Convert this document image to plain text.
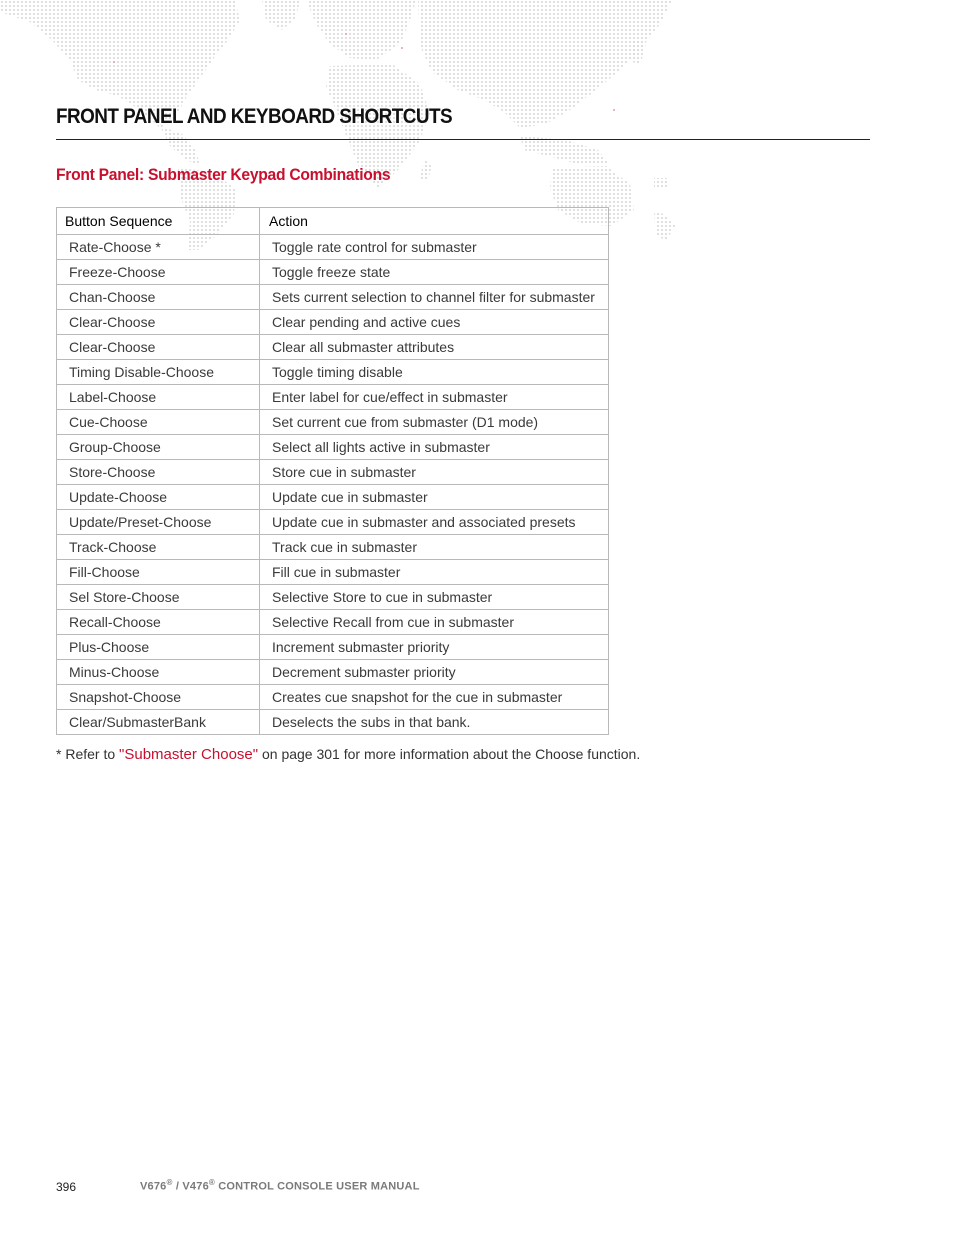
FRONT PANEL AND KEYBOARD SHORTCUTS
Front Panel: Submaster Keypad Combinations
Button Sequence	Action
Rate-Choose *	Toggle rate control for submaster
Freeze-Choose	Toggle freeze state
Chan-Choose	Sets current selection to channel filter for submaster
Clear-Choose	Clear pending and active cues
Clear-Choose	Clear all submaster attributes
Timing Disable-Choose	Toggle timing disable
Label-Choose	Enter label for cue/effect in submaster
Cue-Choose	Set current cue from submaster (D1 mode)
Group-Choose	Select all lights active in submaster
Store-Choose	Store cue in submaster
Update-Choose	Update cue in submaster
Update/Preset-Choose	Update cue in submaster and associated presets
Track-Choose	Track cue in submaster
Fill-Choose	Fill cue in submaster
Sel Store-Choose	Selective Store to cue in submaster
Recall-Choose	Selective Recall from cue in submaster
Plus-Choose	Increment submaster priority
Minus-Choose	Decrement submaster priority
Snapshot-Choose	Creates cue snapshot for the cue in submaster
Clear/SubmasterBank	Deselects the subs in that bank.
* Refer to "Submaster Choose" on page 301 for more information about the Choose function.
396	V676® / V476® CONTROL CONSOLE USER MANUAL
